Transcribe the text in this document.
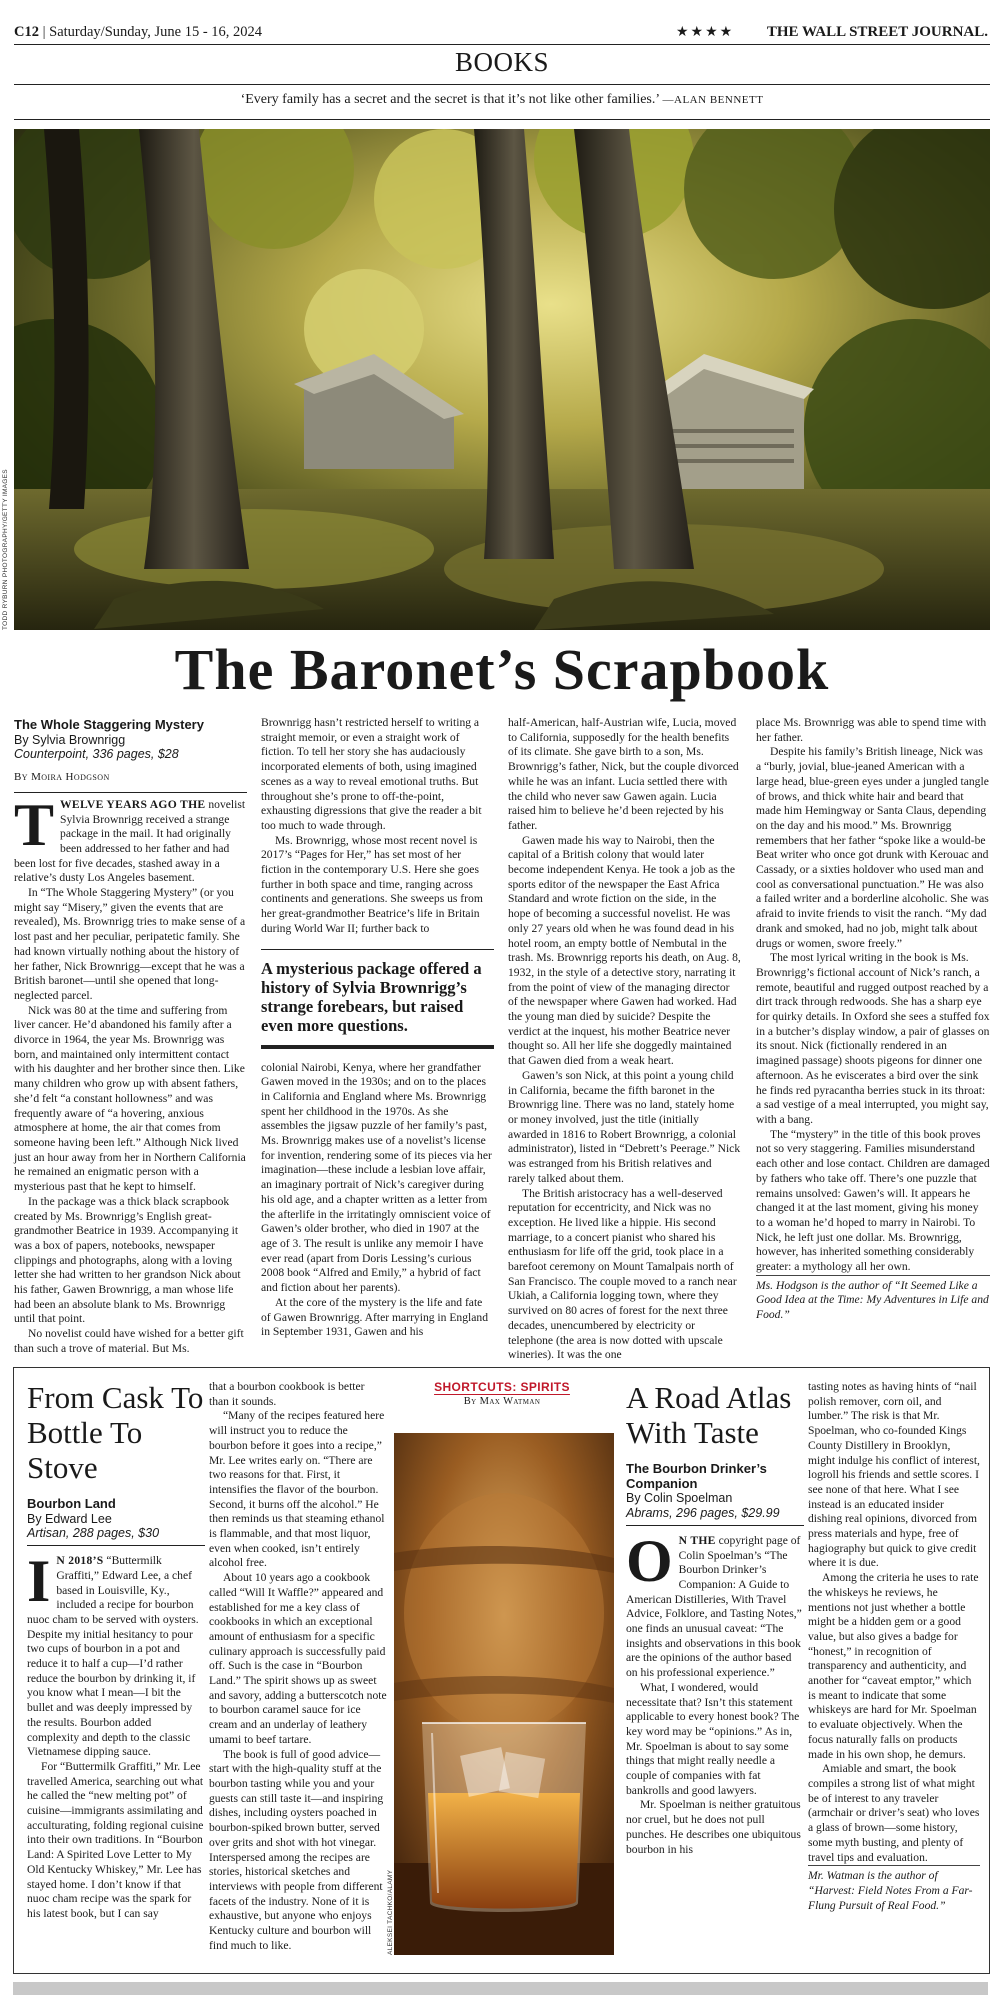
C12 | Saturday/Sunday, June 15 - 16, 2024	★★★★ THE WALL STREET JOURNAL.
BOOKS
‘Every family has a secret and the secret is that it’s not like other families.’ —ALAN BENNETT
TODD RYBURN PHOTOGRAPHY/GETTY IMAGES
The Baronet’s Scrapbook

The Whole Staggering Mystery

By Sylvia Brownrigg

Counterpoint, 336 pages, $28

By Moira Hodgson

TWELVE YEARS AGO THE novelist Sylvia Brownrigg received a strange package in the mail. It had originally been addressed to her father and had been lost for five decades, stashed away in a relative’s dusty Los Angeles basement.

In “The Whole Staggering Mystery” (or you might say “Misery,” given the events that are revealed), Ms. Brownrigg tries to make sense of a lost past and her peculiar, peripatetic family. She had known virtually nothing about the history of her father, Nick Brownrigg—except that he was a British baronet—until she opened that long-neglected parcel.

Nick was 80 at the time and suffering from liver cancer. He’d abandoned his family after a divorce in 1964, the year Ms. Brownrigg was born, and maintained only intermittent contact with his daughter and her brother since then. Like many children who grow up with absent fathers, she’d felt “a constant hollowness” and was frequently aware of “a hovering, anxious atmosphere at home, the air that comes from someone having been left.” Although Nick lived just an hour away from her in Northern California he remained an enigmatic person with a mysterious past that he kept to himself.

In the package was a thick black scrapbook created by Ms. Brownrigg’s English great-grandmother Beatrice in 1939. Accompanying it was a box of papers, notebooks, newspaper clippings and photographs, along with a loving letter she had written to her grandson Nick about his father, Gawen Brownrigg, a man whose life had been an absolute blank to Ms. Brownrigg until that point.

No novelist could have wished for a better gift than such a trove of material. But Ms.

Brownrigg hasn’t restricted herself to writing a straight memoir, or even a straight work of fiction. To tell her story she has audaciously incorporated elements of both, using imagined scenes as a way to reveal emotional truths. But throughout she’s prone to off-the-point, exhausting digressions that give the reader a bit too much to wade through.

Ms. Brownrigg, whose most recent novel is 2017’s “Pages for Her,” has set most of her fiction in the contemporary U.S. Here she goes further in both space and time, ranging across continents and generations. She sweeps us from her great-grandmother Beatrice’s life in Britain during World War II; further back to

A mysterious package offered a history of Sylvia Brownrigg’s strange forebears, but raised even more questions.

colonial Nairobi, Kenya, where her grandfather Gawen moved in the 1930s; and on to the places in California and England where Ms. Brownrigg spent her childhood in the 1970s. As she assembles the jigsaw puzzle of her family’s past, Ms. Brownrigg makes use of a novelist’s license for invention, rendering some of its pieces via her imagination—these include a lesbian love affair, an imaginary portrait of Nick’s caregiver during his old age, and a chapter written as a letter from the afterlife in the irritatingly omniscient voice of Gawen’s older brother, who died in 1907 at the age of 3. The result is unlike any memoir I have ever read (apart from Doris Lessing’s curious 2008 book “Alfred and Emily,” a hybrid of fact and fiction about her parents).

At the core of the mystery is the life and fate of Gawen Brownrigg. After marrying in England in September 1931, Gawen and his

half-American, half-Austrian wife, Lucia, moved to California, supposedly for the health benefits of its climate. She gave birth to a son, Ms. Brownrigg’s father, Nick, but the couple divorced while he was an infant. Lucia settled there with the child who never saw Gawen again. Lucia raised him to believe he’d been rejected by his father.

Gawen made his way to Nairobi, then the capital of a British colony that would later become independent Kenya. He took a job as the sports editor of the newspaper the East Africa Standard and wrote fiction on the side, in the hope of becoming a successful novelist. He was only 27 years old when he was found dead in his hotel room, an empty bottle of Nembutal in the trash. Ms. Brownrigg reports his death, on Aug. 8, 1932, in the style of a detective story, narrating it from the point of view of the managing director of the newspaper where Gawen had worked. Had the young man died by suicide? Despite the verdict at the inquest, his mother Beatrice never thought so. All her life she doggedly maintained that Gawen died from a weak heart.

Gawen’s son Nick, at this point a young child in California, became the fifth baronet in the Brownrigg line. There was no land, stately home or money involved, just the title (initially awarded in 1816 to Robert Brownrigg, a colonial administrator), listed in “Debrett’s Peerage.” Nick was estranged from his British relatives and rarely talked about them.

The British aristocracy has a well-deserved reputation for eccentricity, and Nick was no exception. He lived like a hippie. His second marriage, to a concert pianist who shared his enthusiasm for life off the grid, took place in a barefoot ceremony on Mount Tamalpais north of San Francisco. The couple moved to a ranch near Ukiah, a California logging town, where they survived on 80 acres of forest for the next three decades, unencumbered by electricity or telephone (the area is now dotted with upscale wineries). It was the one

place Ms. Brownrigg was able to spend time with her father.

Despite his family’s British lineage, Nick was a “burly, jovial, blue-jeaned American with a large head, blue-green eyes under a jungled tangle of brows, and thick white hair and beard that made him Hemingway or Santa Claus, depending on the day and his mood.” Ms. Brownrigg remembers that her father “spoke like a would-be Beat writer who once got drunk with Kerouac and Cassady, or a sixties holdover who used man and cool as conversational punctuation.” He was also a failed writer and a borderline alcoholic. She was afraid to invite friends to visit the ranch. “My dad drank and smoked, had no job, might talk about drugs or women, swore freely.”

The most lyrical writing in the book is Ms. Brownrigg’s fictional account of Nick’s ranch, a remote, beautiful and rugged outpost reached by a dirt track through redwoods. She has a sharp eye for quirky details. In Oxford she sees a stuffed fox in a butcher’s display window, a pair of glasses on its snout. Nick (fictionally rendered in an imagined passage) shoots pigeons for dinner one afternoon. As he eviscerates a bird over the sink he finds red pyracantha berries stuck in its throat: a sad vestige of a meal interrupted, you might say, with a bang.

The “mystery” in the title of this book proves not so very staggering. Families misunderstand each other and lose contact. Children are damaged by fathers who take off. There’s one puzzle that remains unsolved: Gawen’s will. It appears he changed it at the last moment, giving his money to a woman he’d hoped to marry in Nairobi. To Nick, he left just one dollar. Ms. Brownrigg, however, has inherited something considerably greater: a mythology all her own.

Ms. Hodgson is the author of “It Seemed Like a Good Idea at the Time: My Adventures in Life and Food.”

From Cask To Bottle To Stove

Bourbon Land

By Edward Lee

Artisan, 288 pages, $30

I N 2018’S “Buttermilk Graffiti,” Edward Lee, a chef based in Louisville, Ky., included a recipe for bourbon nuoc cham to be served with oysters. Despite my initial hesitancy to pour two cups of bourbon in a pot and reduce it to half a cup—I’d rather reduce the bourbon by drinking it, if you know what I mean—I bit the bullet and was deeply impressed by the results. Bourbon added complexity and depth to the classic Vietnamese dipping sauce.

For “Buttermilk Graffiti,” Mr. Lee travelled America, searching out what he called the “new melting pot” of cuisine—immigrants assimilating and acculturating, folding regional cuisine into their own traditions. In “Bourbon Land: A Spirited Love Letter to My Old Kentucky Whiskey,” Mr. Lee has stayed home. I don’t know if that nuoc cham recipe was the spark for his latest book, but I can say

that a bourbon cookbook is better than it sounds.

“Many of the recipes featured here will instruct you to reduce the bourbon before it goes into a recipe,” Mr. Lee writes early on. “There are two reasons for that. First, it intensifies the flavor of the bourbon. Second, it burns off the alcohol.” He then reminds us that steaming ethanol is flammable, and that most liquor, even when cooked, isn’t entirely alcohol free.

About 10 years ago a cookbook called “Will It Waffle?” appeared and established for me a key class of cookbooks in which an exceptional amount of enthusiasm for a specific culinary approach is successfully paid off. Such is the case in “Bourbon Land.” The spirit shows up as sweet and savory, adding a butterscotch note to bourbon caramel sauce for ice cream and an underlay of leathery umami to beef tartare.

The book is full of good advice—start with the high-quality stuff at the bourbon tasting while you and your guests can still taste it—and inspiring dishes, including oysters poached in bourbon-spiked brown butter, served over grits and shot with hot vinegar. Interspersed among the recipes are stories, historical sketches and interviews with people from different facets of the industry. None of it is exhaustive, but anyone who enjoys Kentucky culture and bourbon will find much to like.

SHORTCUTS: SPIRITS
By Max Watman
ALEKSEI TACHKO/ALAMY
A Road Atlas With Taste

The Bourbon Drinker’s Companion

By Colin Spoelman

Abrams, 296 pages, $29.99

O N THE copyright page of Colin Spoelman’s “The Bourbon Drinker’s Companion: A Guide to American Distilleries, With Travel Advice, Folklore, and Tasting Notes,” one finds an unusual caveat: “The insights and observations in this book are the opinions of the author based on his professional experience.”

What, I wondered, would necessitate that? Isn’t this statement applicable to every honest book? The key word may be “opinions.” As in, Mr. Spoelman is about to say some things that might really needle a couple of companies with fat bankrolls and good lawyers.

Mr. Spoelman is neither gratuitous nor cruel, but he does not pull punches. He describes one ubiquitous bourbon in his

tasting notes as having hints of “nail polish remover, corn oil, and lumber.” The risk is that Mr. Spoelman, who co-founded Kings County Distillery in Brooklyn, might indulge his conflict of interest, logroll his friends and settle scores. I see none of that here. What I see instead is an educated insider dishing real opinions, divorced from press materials and hype, free of hagiography but quick to give credit where it is due.

Among the criteria he uses to rate the whiskeys he reviews, he mentions not just whether a bottle might be a hidden gem or a good value, but also gives a badge for “honest,” in recognition of transparency and authenticity, and another for “caveat emptor,” which is meant to indicate that some whiskeys are hard for Mr. Spoelman to evaluate objectively. When the focus naturally falls on products made in his own shop, he demurs.

Amiable and smart, the book compiles a strong list of what might be of interest to any traveler (armchair or driver’s seat) who loves a glass of brown—some history, some myth busting, and plenty of travel tips and evaluation.

Mr. Watman is the author of “Harvest: Field Notes From a Far-Flung Pursuit of Real Food.”
